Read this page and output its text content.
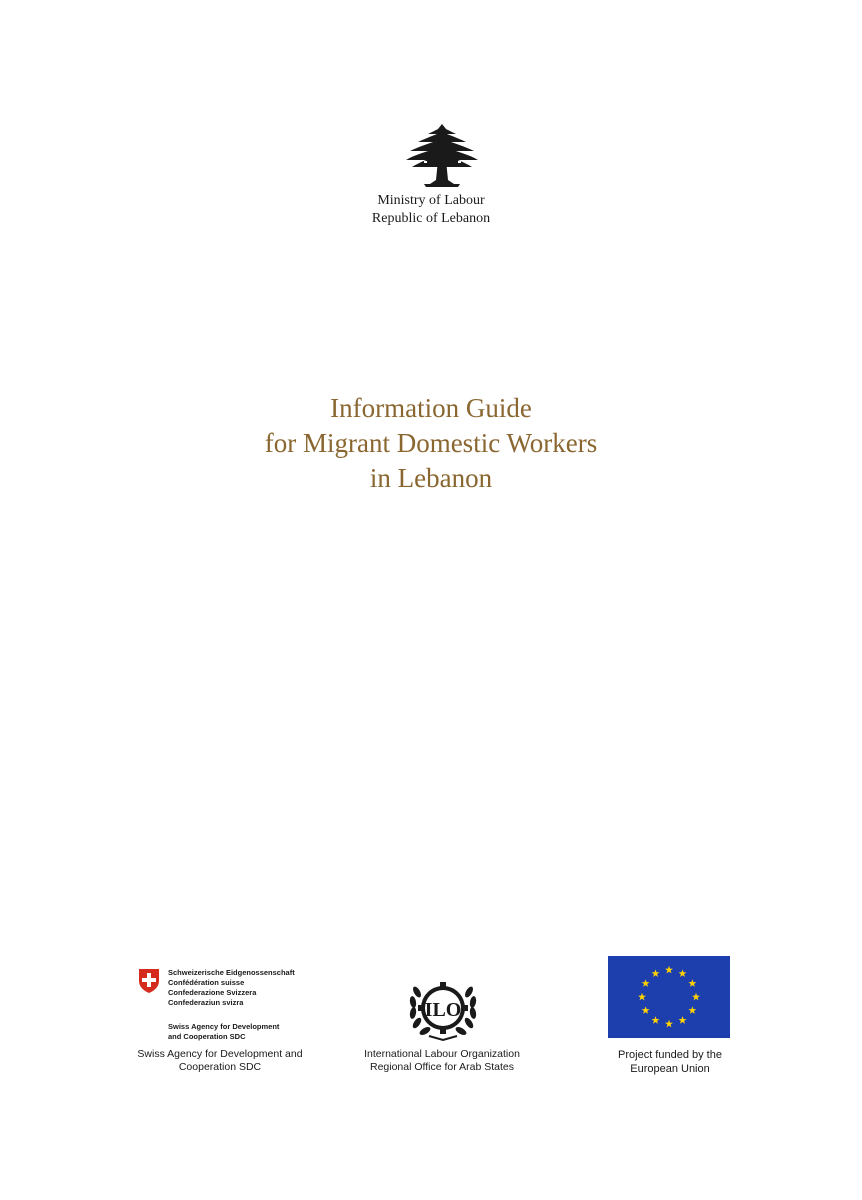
Ministry of Labour
Republic of Lebanon
Information Guide
for Migrant Domestic Workers
in Lebanon
Schweizerische Eidgenossenschaft
Confédération suisse
Confederazione Svizzera
Confederaziun svizra
Swiss Agency for Development
and Cooperation SDC
Swiss Agency for Development and
Cooperation SDC
ILO
International Labour Organization
Regional Office for Arab States
Project funded by the
European Union
